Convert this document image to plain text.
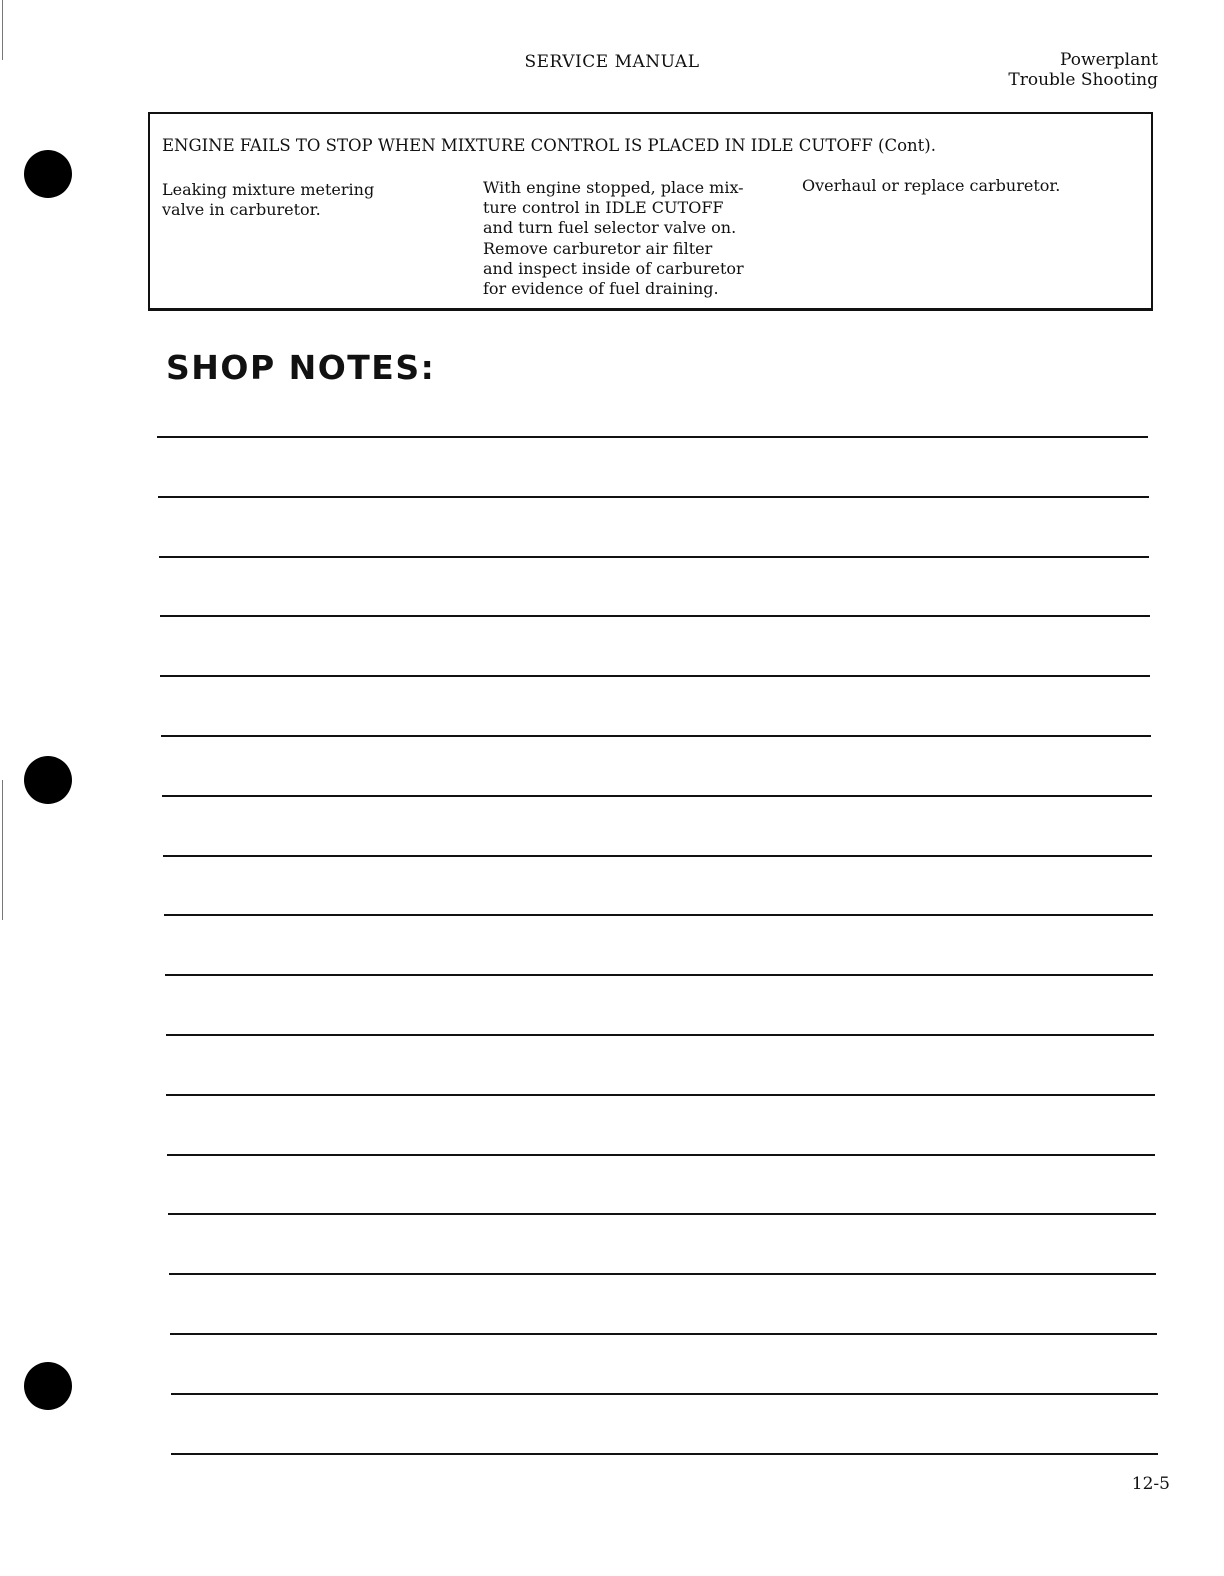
SERVICE MANUAL	Powerplant
Trouble Shooting
ENGINE FAILS TO STOP WHEN MIXTURE CONTROL IS PLACED IN IDLE CUTOFF (Cont).
Leaking mixture metering
valve in carburetor.
With engine stopped, place mix-
ture control in IDLE CUTOFF
and turn fuel selector valve on.
Remove carburetor air filter
and inspect inside of carburetor
for evidence of fuel draining.
Overhaul or replace carburetor.
SHOP NOTES:
12-5
